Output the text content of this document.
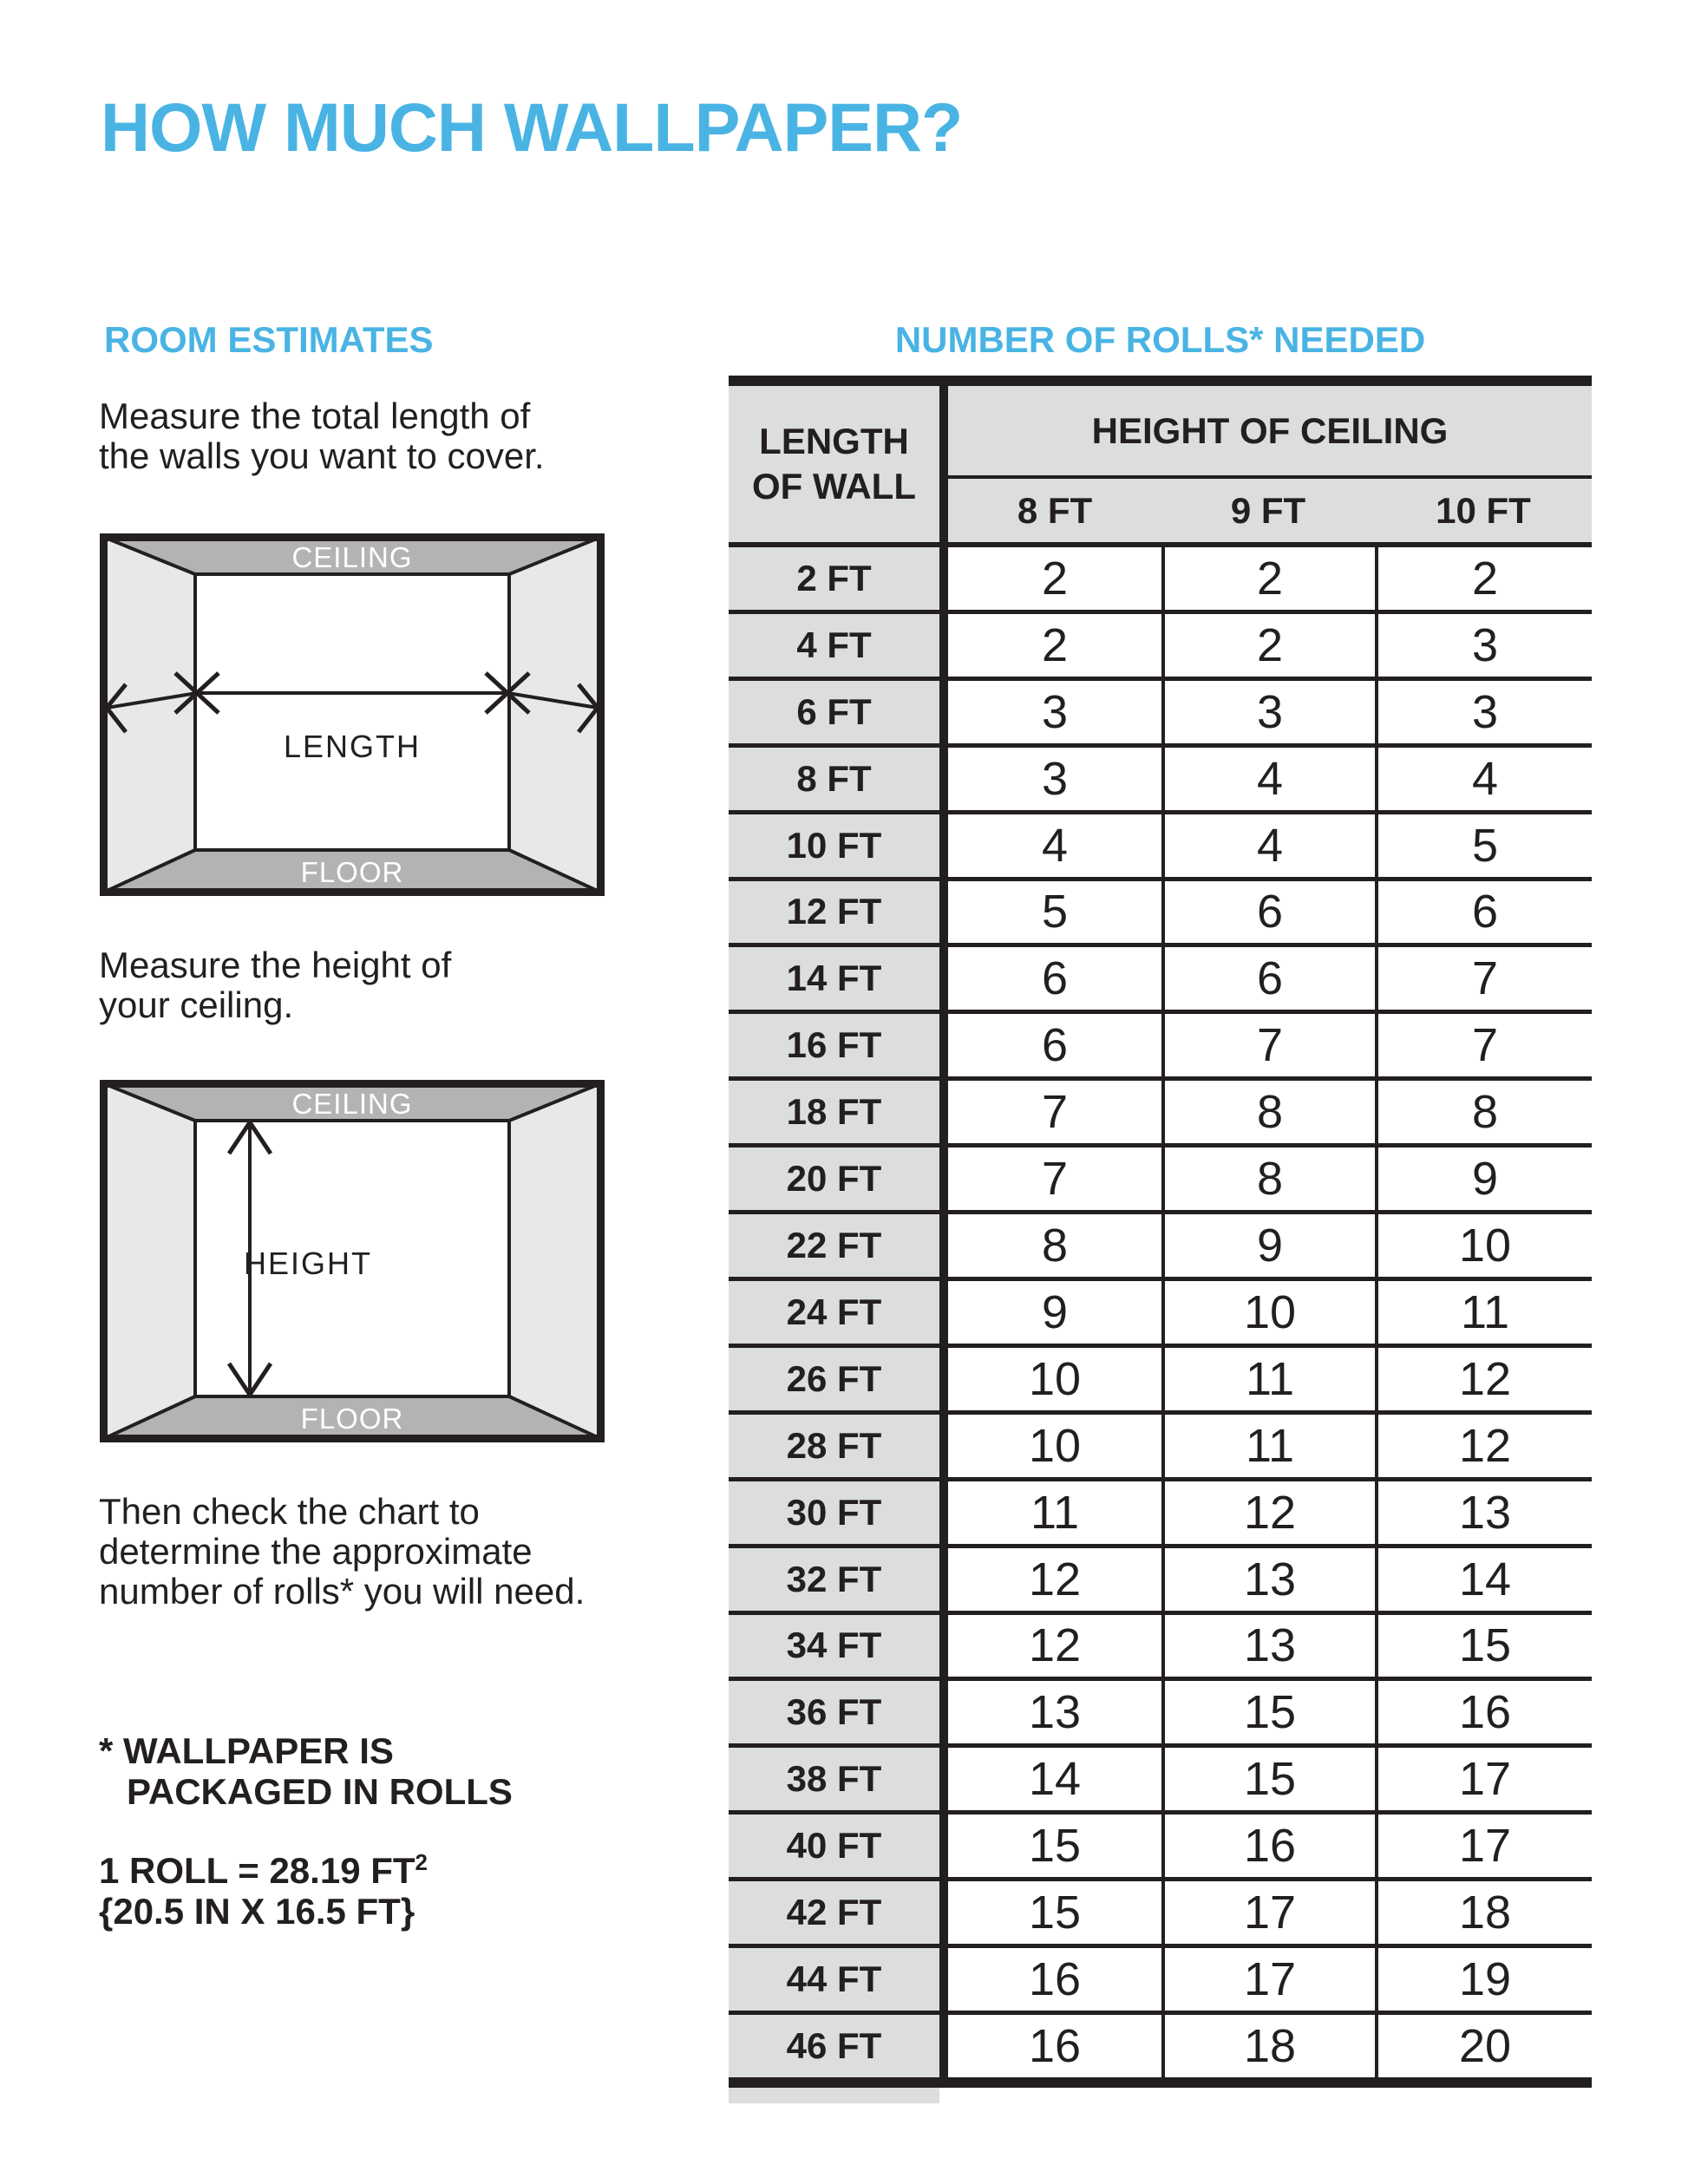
HOW MUCH WALLPAPER?
ROOM ESTIMATES	NUMBER OF ROLLS* NEEDED
Measure the total length of
the walls you want to cover.
CEILING
FLOOR
LENGTH
Measure the height of
your ceiling.
CEILING
FLOOR
HEIGHT
Then check the chart to
determine the approximate
number of rolls* you will need.
* WALLPAPER IS
PACKAGED IN ROLLS
1 ROLL = 28.19 $FT^2$
{20.5 IN X 16.5 FT}
LENGTH
OF WALL
HEIGHT OF CEILING
8 FT	9 FT	10 FT
2 FT	2	2	2
4 FT	2	2	3
6 FT	3	3	3
8 FT	3	4	4
10 FT	4	4	5
12 FT	5	6	6
14 FT	6	6	7
16 FT	6	7	7
18 FT	7	8	8
20 FT	7	8	9
22 FT	8	9	10
24 FT	9	10	11
26 FT	10	11	12
28 FT	10	11	12
30 FT	11	12	13
32 FT	12	13	14
34 FT	12	13	15
36 FT	13	15	16
38 FT	14	15	17
40 FT	15	16	17
42 FT	15	17	18
44 FT	16	17	19
46 FT	16	18	20
